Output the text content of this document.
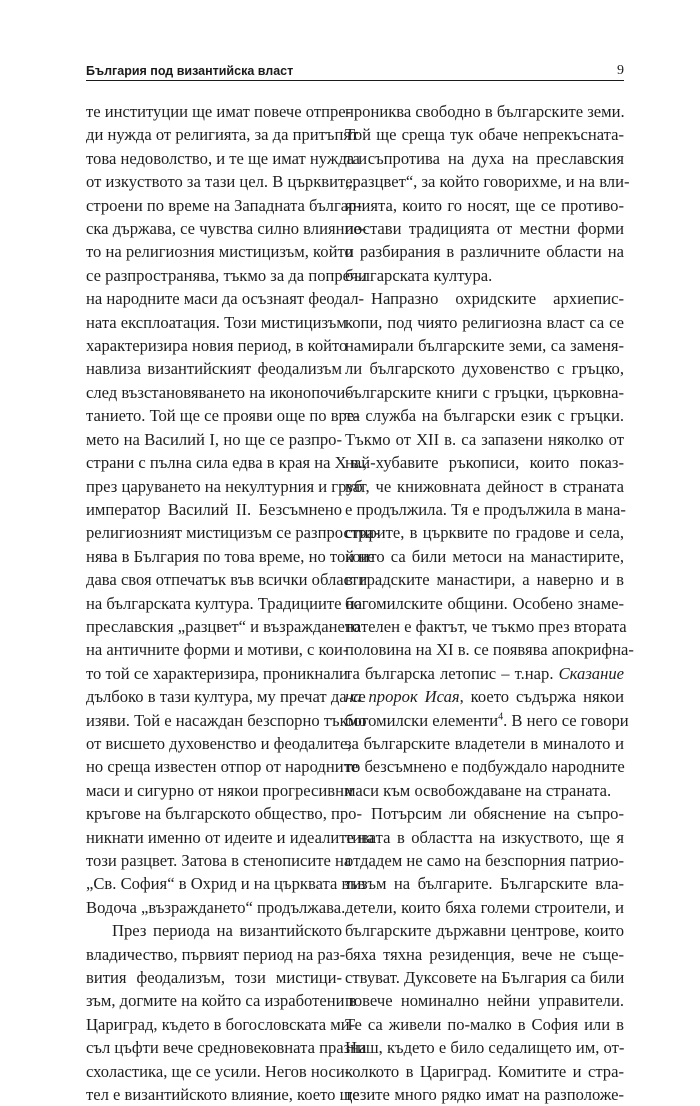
България под византийска власт	9

те институции ще имат повече отпре-
ди нужда от религията, за да притъпят
това недоволство, и те ще имат нужда и
от изкуството за тази цел. В църквите,
строени по време на Западната българ-
ска държава, се чувства силно влияние-
то на религиозния мистицизъм, който
се разпространява, тъкмо за да попречи
на народните маси да осъзнаят феодал-
ната експлоатация. Този мистицизъм
характеризира новия период, в който
навлиза византийският феодализъм
след възстановяването на иконопочи-
танието. Той ще се прояви още по вре-
мето на Василий I, но ще се разпро-
страни с пълна сила едва в края на X в.,
през царуването на некултурния и груб
император Василий II. Безсъмнено
религиозният мистицизъм се разпростра-
нява в България по това време, но той не
дава своя отпечатък във всички области
на българската култура. Традициите на
преславския „разцвет“ и възраждането
на античните форми и мотиви, с кои-
то той се характеризира, проникнали
дълбоко в тази култура, му пречат да се
изяви. Той е насаждан безспорно тъкмо
от висшето духовенство и феодалите,
но среща известен отпор от народните
маси и сигурно от някои прогресивни
кръгове на българското общество, про-
никнати именно от идеите и идеалите на
този разцвет. Затова в стенописите на
„Св. София“ в Охрид и на църквата във
Водоча „възраждането“ продължава.

През периода на византийското
владичество, първият период на раз-
вития феодализъм, този мистици-
зъм, догмите на който са изработени в
Цариград, където в богословската ми-
съл цъфти вече средновековната празна
схоластика, ще се усили. Негов носи-
тел е византийското влияние, което ще

прониква свободно в българските земи.
Той ще среща тук обаче непрекъсната-
та съпротива на духа на преславския
„разцвет“, за който говорихме, и на вли-
янията, които го носят, ще се противо-
постави традицията от местни форми
и разбирания в различните области на
българската култура.

Напразно охридските архиепис-
копи, под чиято религиозна власт са се
намирали българските земи, са заменя-
ли българското духовенство с гръцко,
българските книги с гръцки, църковна-
та служба на български език с гръцки.
Тъкмо от XII в. са запазени няколко от
най-хубавите ръкописи, които показ-
ват, че книжовната дейност в страната
е продължила. Тя е продължила в мана-
стирите, в църквите по градове и села,
които са били метоси на манастирите,
в градските манастири, а наверно и в
богомилските общини. Особено знаме-
нателен е фактът, че тъкмо през втората
половина на XI в. се появява апокрифна-
та българска летопис – т.нар. Сказание
на пророк Исая, което съдържа някои
богомилски елементи$^4$. В него се говори
за българските владетели в миналото и
то безсъмнено е подбуждало народните
маси към освобождаване на страната.

Потърсим ли обяснение на съпро-
тивата в областта на изкуството, ще я
отдадем не само на безспорния патрио-
тизъм на българите. Българските вла-
детели, които бяха големи строители, и
българските държавни центрове, които
бяха тяхна резиденция, вече не съще-
ствуват. Дуксовете на България са били
повече номинално нейни управители.
Те са живели по-малко в София или в
Ниш, където е било седалището им, от-
колкото в Цариград. Комитите и стра-
тезите много рядко имат на разположе-
